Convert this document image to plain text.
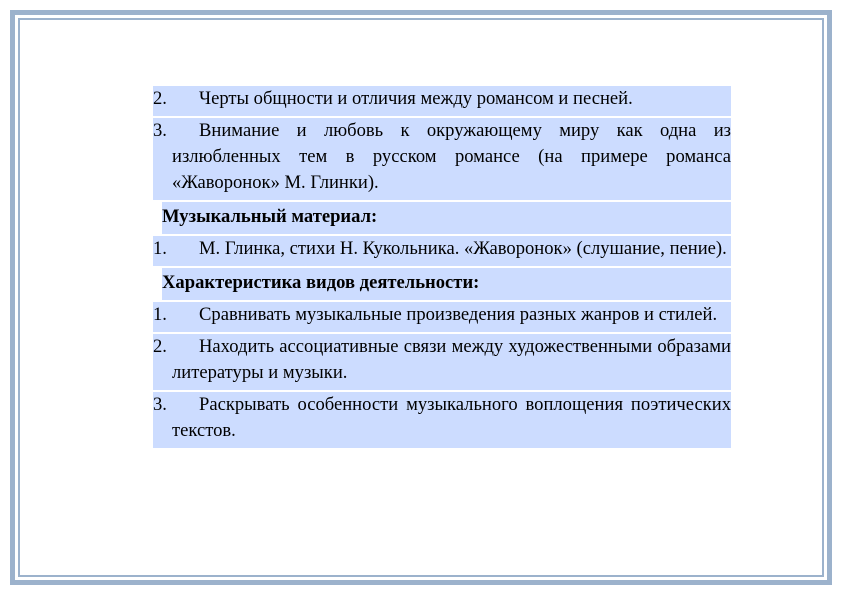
2. Черты общности и отличия между романсом и песней.
3. Внимание и любовь к окружающему миру как одна из излюбленных тем в русском романсе (на примере романса «Жаворонок» М. Глинки).
Музыкальный материал:
1. М. Глинка, стихи Н. Кукольника. «Жаворонок» (слушание, пение).
Характеристика видов деятельности:
1. Сравнивать музыкальные произведения разных жанров и стилей.
2. Находить ассоциативные связи между художественными образами литературы и музыки.
3. Раскрывать особенности музыкального воплощения поэтических текстов.
